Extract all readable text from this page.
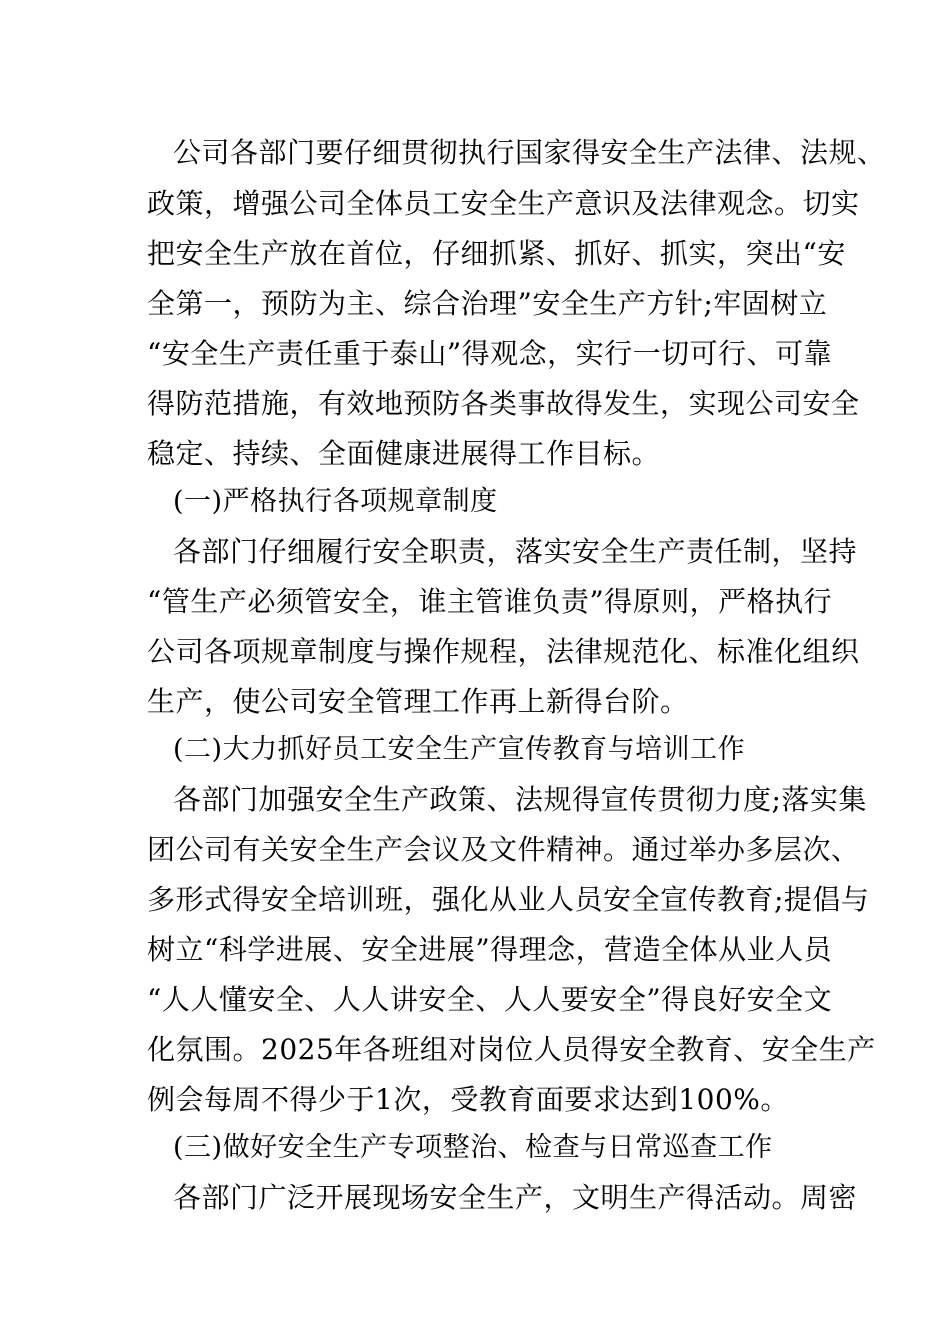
公司各部门要仔细贯彻执行国家得安全生产法律、法规、
政策，增强公司全体员工安全生产意识及法律观念。切实
把安全生产放在首位，仔细抓紧、抓好、抓实，突出“安
全第一，预防为主、综合治理”安全生产方针;牢固树立
“安全生产责任重于泰山”得观念，实行一切可行、可靠
得防范措施，有效地预防各类事故得发生，实现公司安全
稳定、持续、全面健康进展得工作目标。
(一)严格执行各项规章制度
各部门仔细履行安全职责，落实安全生产责任制，坚持
“管生产必须管安全，谁主管谁负责”得原则，严格执行
公司各项规章制度与操作规程，法律规范化、标准化组织
生产，使公司安全管理工作再上新得台阶。
(二)大力抓好员工安全生产宣传教育与培训工作
各部门加强安全生产政策、法规得宣传贯彻力度;落实集
团公司有关安全生产会议及文件精神。通过举办多层次、
多形式得安全培训班，强化从业人员安全宣传教育;提倡与
树立“科学进展、安全进展”得理念，营造全体从业人员
“人人懂安全、人人讲安全、人人要安全”得良好安全文
化氛围。2025年各班组对岗位人员得安全教育、安全生产
例会每周不得少于1次，受教育面要求达到100%。
(三)做好安全生产专项整治、检查与日常巡查工作
各部门广泛开展现场安全生产，文明生产得活动。周密
